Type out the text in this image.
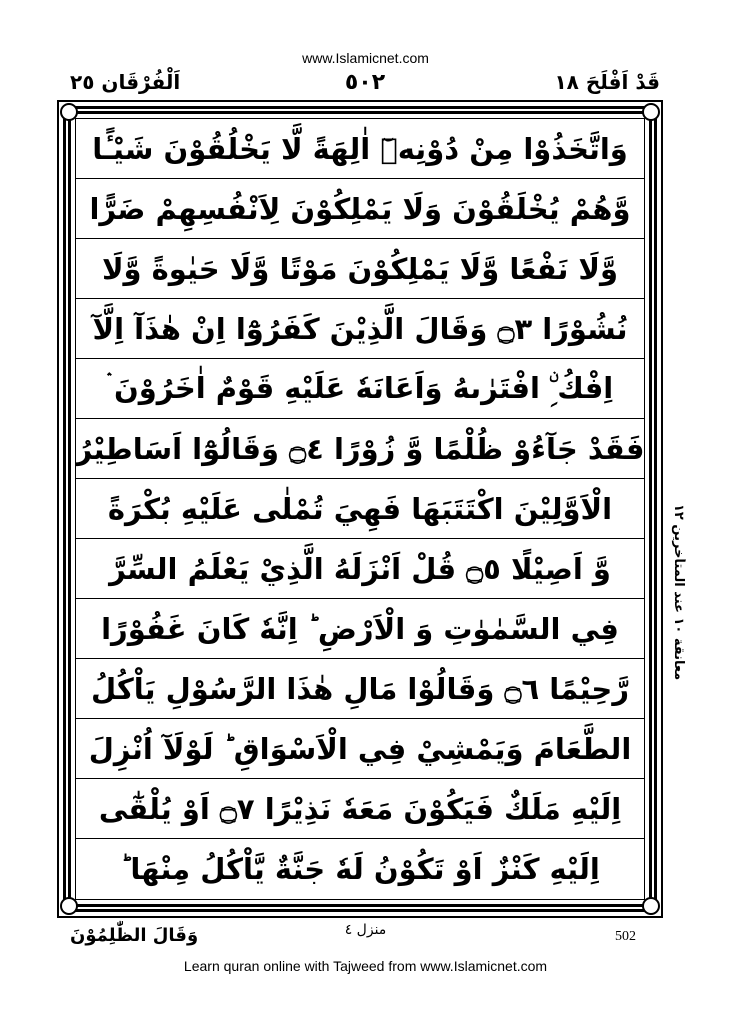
www.Islamicnet.com
اَلْفُرْقَان ٢٥	٥٠٢	قَدْ اَفْلَحَ ١٨
وَاتَّخَذُوْا مِنْ دُوْنِهٖٓ اٰلِهَةً لَّا يَخْلُقُوْنَ شَيْـًٔا
وَّهُمْ يُخْلَقُوْنَ وَلَا يَمْلِكُوْنَ لِاَنْفُسِهِمْ ضَرًّا
وَّلَا نَفْعًا وَّلَا يَمْلِكُوْنَ مَوْتًا وَّلَا حَيٰوةً وَّلَا
نُشُوْرًا ۝٣ وَقَالَ الَّذِيْنَ كَفَرُوْٓا اِنْ هٰذَآ اِلَّآ
اِفْكُ ِۨ افْتَرٰىهُ وَاَعَانَهٗ عَلَيْهِ قَوْمٌ اٰخَرُوْنَ ۛ
فَقَدْ جَآءُوْ ظُلْمًا وَّ زُوْرًا ۝٤ وَقَالُوْٓا اَسَاطِيْرُ
الْاَوَّلِيْنَ اكْتَتَبَهَا فَهِيَ تُمْلٰى عَلَيْهِ بُكْرَةً
وَّ اَصِيْلًا ۝٥ قُلْ اَنْزَلَهُ الَّذِيْ يَعْلَمُ السِّرَّ
فِي السَّمٰوٰتِ وَ الْاَرْضِ ؕ اِنَّهٗ كَانَ غَفُوْرًا
رَّحِيْمًا ۝٦ وَقَالُوْا مَالِ هٰذَا الرَّسُوْلِ يَاْكُلُ
الطَّعَامَ وَيَمْشِيْ فِي الْاَسْوَاقِ ؕ لَوْلَآ اُنْزِلَ
اِلَيْهِ مَلَكٌ فَيَكُوْنَ مَعَهٗ نَذِيْرًا ۝٧ اَوْ يُلْقٰٓى
اِلَيْهِ كَنْزٌ اَوْ تَكُوْنُ لَهٗ جَنَّةٌ يَّاْكُلُ مِنْهَا ؕ
معانقة ١٠ عند المتأخرين ١٢
وَقَالَ الظّٰلِمُوْنَ	منزل ٤	502
Learn quran online with Tajweed from www.Islamicnet.com
